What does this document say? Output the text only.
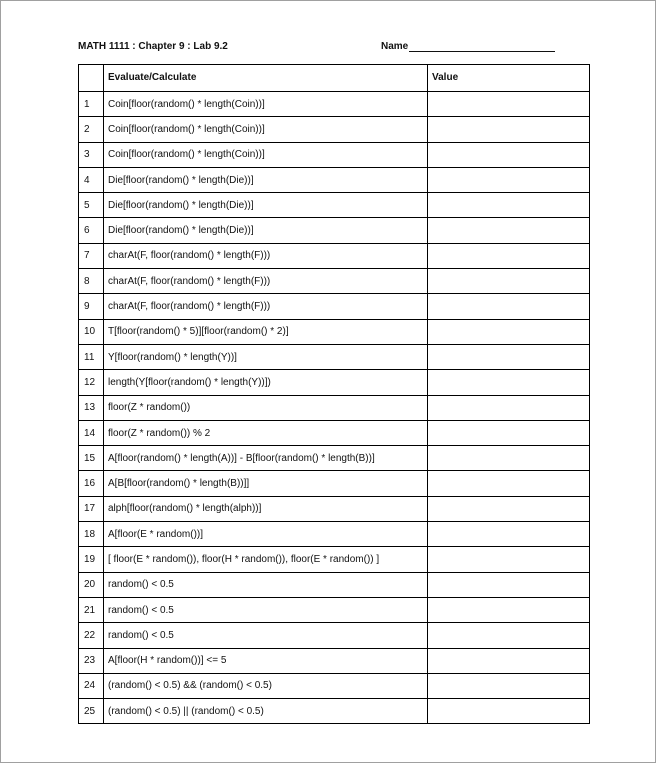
MATH 1111 : Chapter 9 : Lab 9.2	Name
	Evaluate/Calculate	Value
1	Coin[floor(random() * length(Coin))]	
2	Coin[floor(random() * length(Coin))]	
3	Coin[floor(random() * length(Coin))]	
4	Die[floor(random() * length(Die))]	
5	Die[floor(random() * length(Die))]	
6	Die[floor(random() * length(Die))]	
7	charAt(F, floor(random() * length(F)))	
8	charAt(F, floor(random() * length(F)))	
9	charAt(F, floor(random() * length(F)))	
10	T[floor(random() * 5)][floor(random() * 2)]	
11	Y[floor(random() * length(Y))]	
12	length(Y[floor(random() * length(Y))])	
13	floor(Z * random())	
14	floor(Z * random()) % 2	
15	A[floor(random() * length(A))] - B[floor(random() * length(B))]	
16	A[B[floor(random() * length(B))]]	
17	alph[floor(random() * length(alph))]	
18	A[floor(E * random())]	
19	[ floor(E * random()), floor(H * random()), floor(E * random()) ]	
20	random() < 0.5	
21	random() < 0.5	
22	random() < 0.5	
23	A[floor(H * random())] <= 5	
24	(random() < 0.5) && (random() < 0.5)	
25	(random() < 0.5) || (random() < 0.5)	
